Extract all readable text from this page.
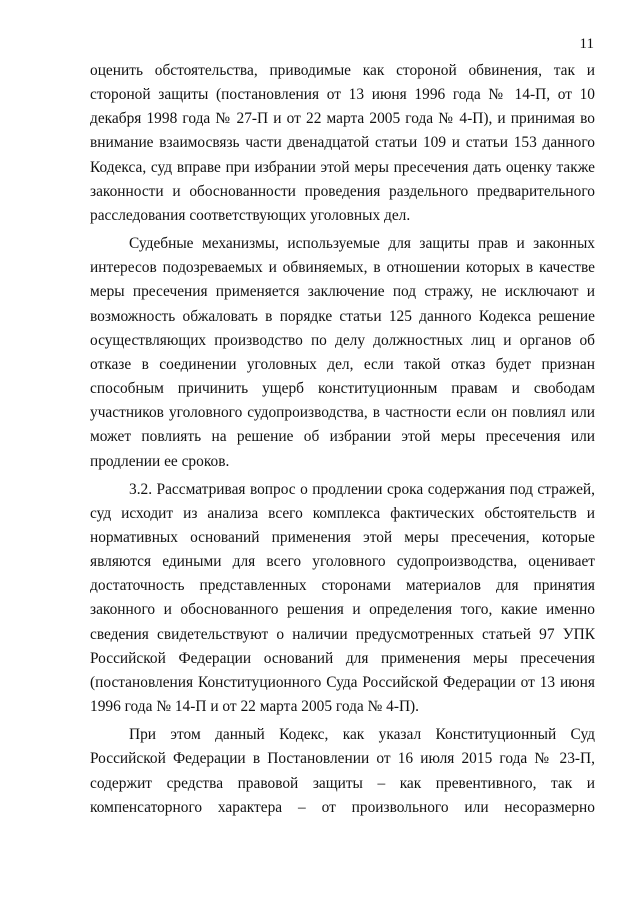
11

оценить обстоятельства, приводимые как стороной обвинения, так и стороной защиты (постановления от 13 июня 1996 года № 14-П, от 10 декабря 1998 года № 27-П и от 22 марта 2005 года № 4-П), и принимая во внимание взаимосвязь части двенадцатой статьи 109 и статьи 153 данного Кодекса, суд вправе при избрании этой меры пресечения дать оценку также законности и обоснованности проведения раздельного предварительного расследования соответствующих уголовных дел.

Судебные механизмы, используемые для защиты прав и законных интересов подозреваемых и обвиняемых, в отношении которых в качестве меры пресечения применяется заключение под стражу, не исключают и возможность обжаловать в порядке статьи 125 данного Кодекса решение осуществляющих производство по делу должностных лиц и органов об отказе в соединении уголовных дел, если такой отказ будет признан способным причинить ущерб конституционным правам и свободам участников уголовного судопроизводства, в частности если он повлиял или может повлиять на решение об избрании этой меры пресечения или продлении ее сроков.

3.2. Рассматривая вопрос о продлении срока содержания под стражей, суд исходит из анализа всего комплекса фактических обстоятельств и нормативных оснований применения этой меры пресечения, которые являются едиными для всего уголовного судопроизводства, оценивает достаточность представленных сторонами материалов для принятия законного и обоснованного решения и определения того, какие именно сведения свидетельствуют о наличии предусмотренных статьей 97 УПК Российской Федерации оснований для применения меры пресечения (постановления Конституционного Суда Российской Федерации от 13 июня 1996 года № 14-П и от 22 марта 2005 года № 4-П).

При этом данный Кодекс, как указал Конституционный Суд Российской Федерации в Постановлении от 16 июля 2015 года № 23-П, содержит средства правовой защиты – как превентивного, так и компенсаторного характера – от произвольного или несоразмерно
